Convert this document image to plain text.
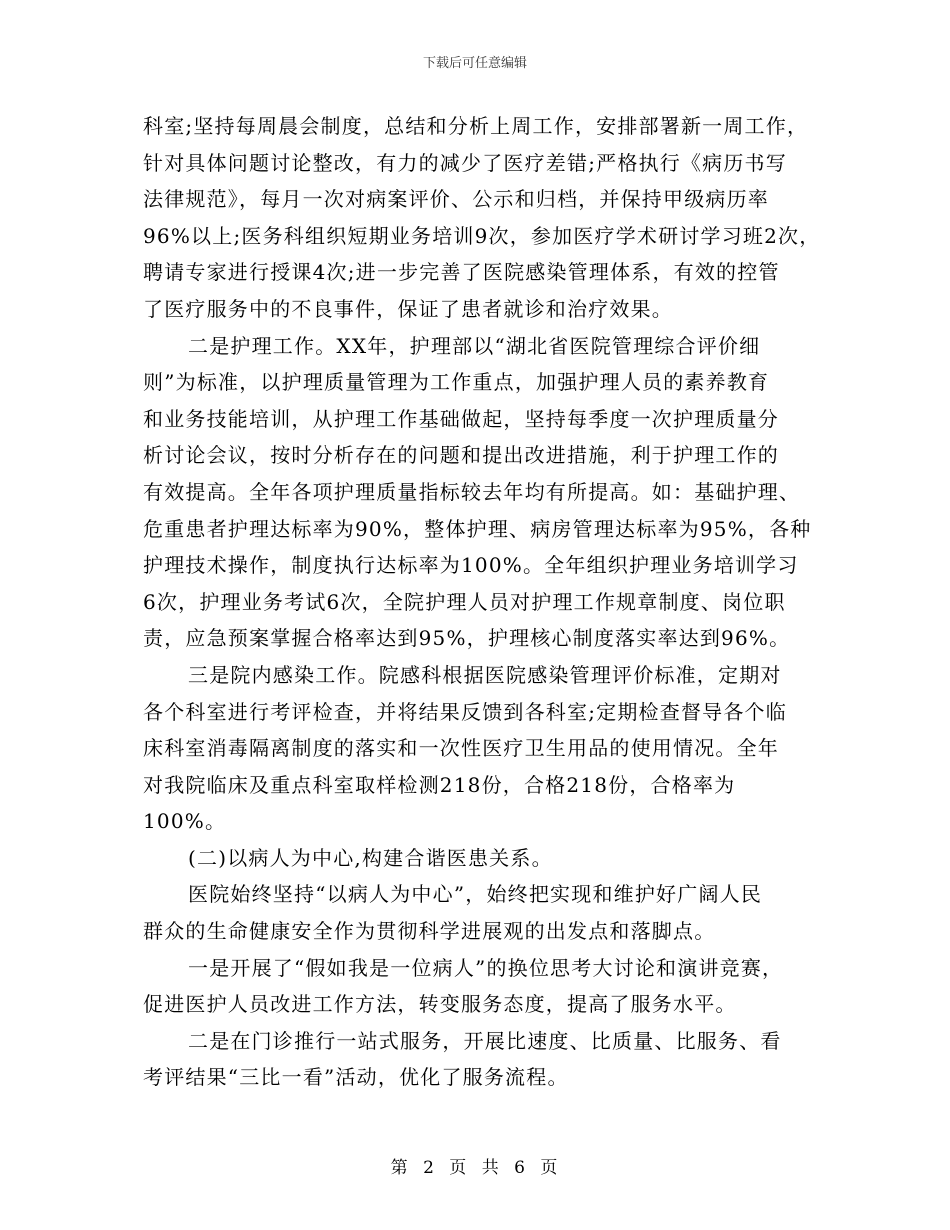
下载后可任意编辑
科室;坚持每周晨会制度，总结和分析上周工作，安排部署新一周工作，
针对具体问题讨论整改，有力的减少了医疗差错;严格执行《病历书写
法律规范》，每月一次对病案评价、公示和归档，并保持甲级病历率
96%以上;医务科组织短期业务培训9次，参加医疗学术研讨学习班2次，
聘请专家进行授课4次;进一步完善了医院感染管理体系，有效的控管
了医疗服务中的不良事件，保证了患者就诊和治疗效果。
二是护理工作。XX年，护理部以“湖北省医院管理综合评价细
则”为标准，以护理质量管理为工作重点，加强护理人员的素养教育
和业务技能培训，从护理工作基础做起，坚持每季度一次护理质量分
析讨论会议，按时分析存在的问题和提出改进措施，利于护理工作的
有效提高。全年各项护理质量指标较去年均有所提高。如：基础护理、
危重患者护理达标率为90%，整体护理、病房管理达标率为95%，各种
护理技术操作，制度执行达标率为100%。全年组织护理业务培训学习
6次，护理业务考试6次，全院护理人员对护理工作规章制度、岗位职
责，应急预案掌握合格率达到95%，护理核心制度落实率达到96%。
三是院内感染工作。院感科根据医院感染管理评价标准，定期对
各个科室进行考评检查，并将结果反馈到各科室;定期检查督导各个临
床科室消毒隔离制度的落实和一次性医疗卫生用品的使用情况。全年
对我院临床及重点科室取样检测218份，合格218份，合格率为
100%。
(二)以病人为中心,构建合谐医患关系。
医院始终坚持“以病人为中心”，始终把实现和维护好广阔人民
群众的生命健康安全作为贯彻科学进展观的出发点和落脚点。
一是开展了“假如我是一位病人”的换位思考大讨论和演讲竞赛，
促进医护人员改进工作方法，转变服务态度，提高了服务水平。
二是在门诊推行一站式服务，开展比速度、比质量、比服务、看
考评结果“三比一看”活动，优化了服务流程。
第 2 页 共 6 页
